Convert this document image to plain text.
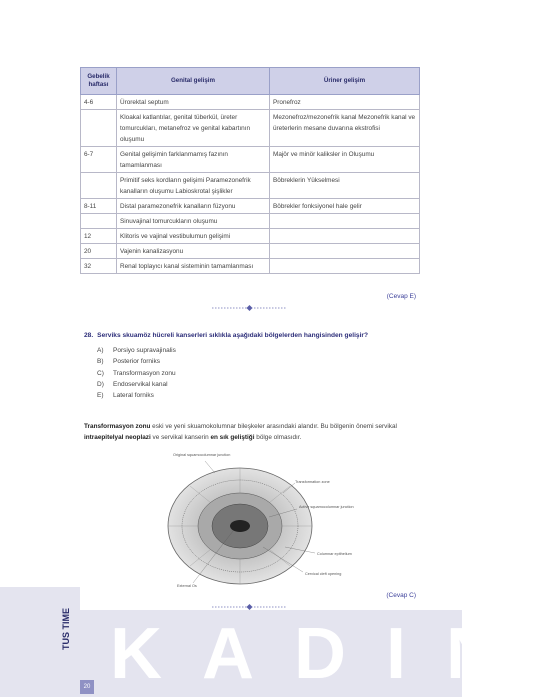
Gebelik haftası	Genital gelişim	Üriner gelişim
4-6	Ürorektal septum	Pronefroz
	Kloakal katlantılar, genital tüberkül, üreter tomurcukları, metanefroz ve genital kabartının oluşumu	Mezonefroz/mezonefrik kanal Mezonefrik kanal ve üreterlerin mesane duvarına ekstrofisi
6-7	Genital gelişimin farklanmamış fazının tamamlanması	Majör ve minör kaliksler in Oluşumu
	Primitif seks kordların gelişimi Paramezonefrik kanalların oluşumu Labioskrotal şişlikler	Böbreklerin Yükselmesi
8-11	Distal paramezonefrik kanalların füzyonu	Böbrekler fonksiyonel hale gelir
	Sinuvajinal tomurcukların oluşumu	
12	Klitoris ve vajinal vestibulumun gelişimi	
20	Vajenin kanalizasyonu	
32	Renal toplayıcı kanal sisteminin tamamlanması	
(Cevap E)
28. Serviks skuamöz hücreli kanserleri sıklıkla aşağıdaki bölgelerden hangisinden gelişir?
A)	Porsiyo supravajinalis
B)	Posterior forniks
C)	Transformasyon zonu
D)	Endoservikal kanal
E)	Lateral forniks
Transformasyon zonu eski ve yeni skuamokolumnar bileşkeler arasındaki alandır. Bu bölgenin önemi servikal intraepitelyal neoplazi ve servikal kanserin en sık geliştiği bölge olmasıdır.
Original squamocolumnar junction
Transformation zone
Active squamocolumnar junction
Columnar epithelium
Cervical cleft opening
External Os
(Cevap C)
KADIN
TUS TIME
20
